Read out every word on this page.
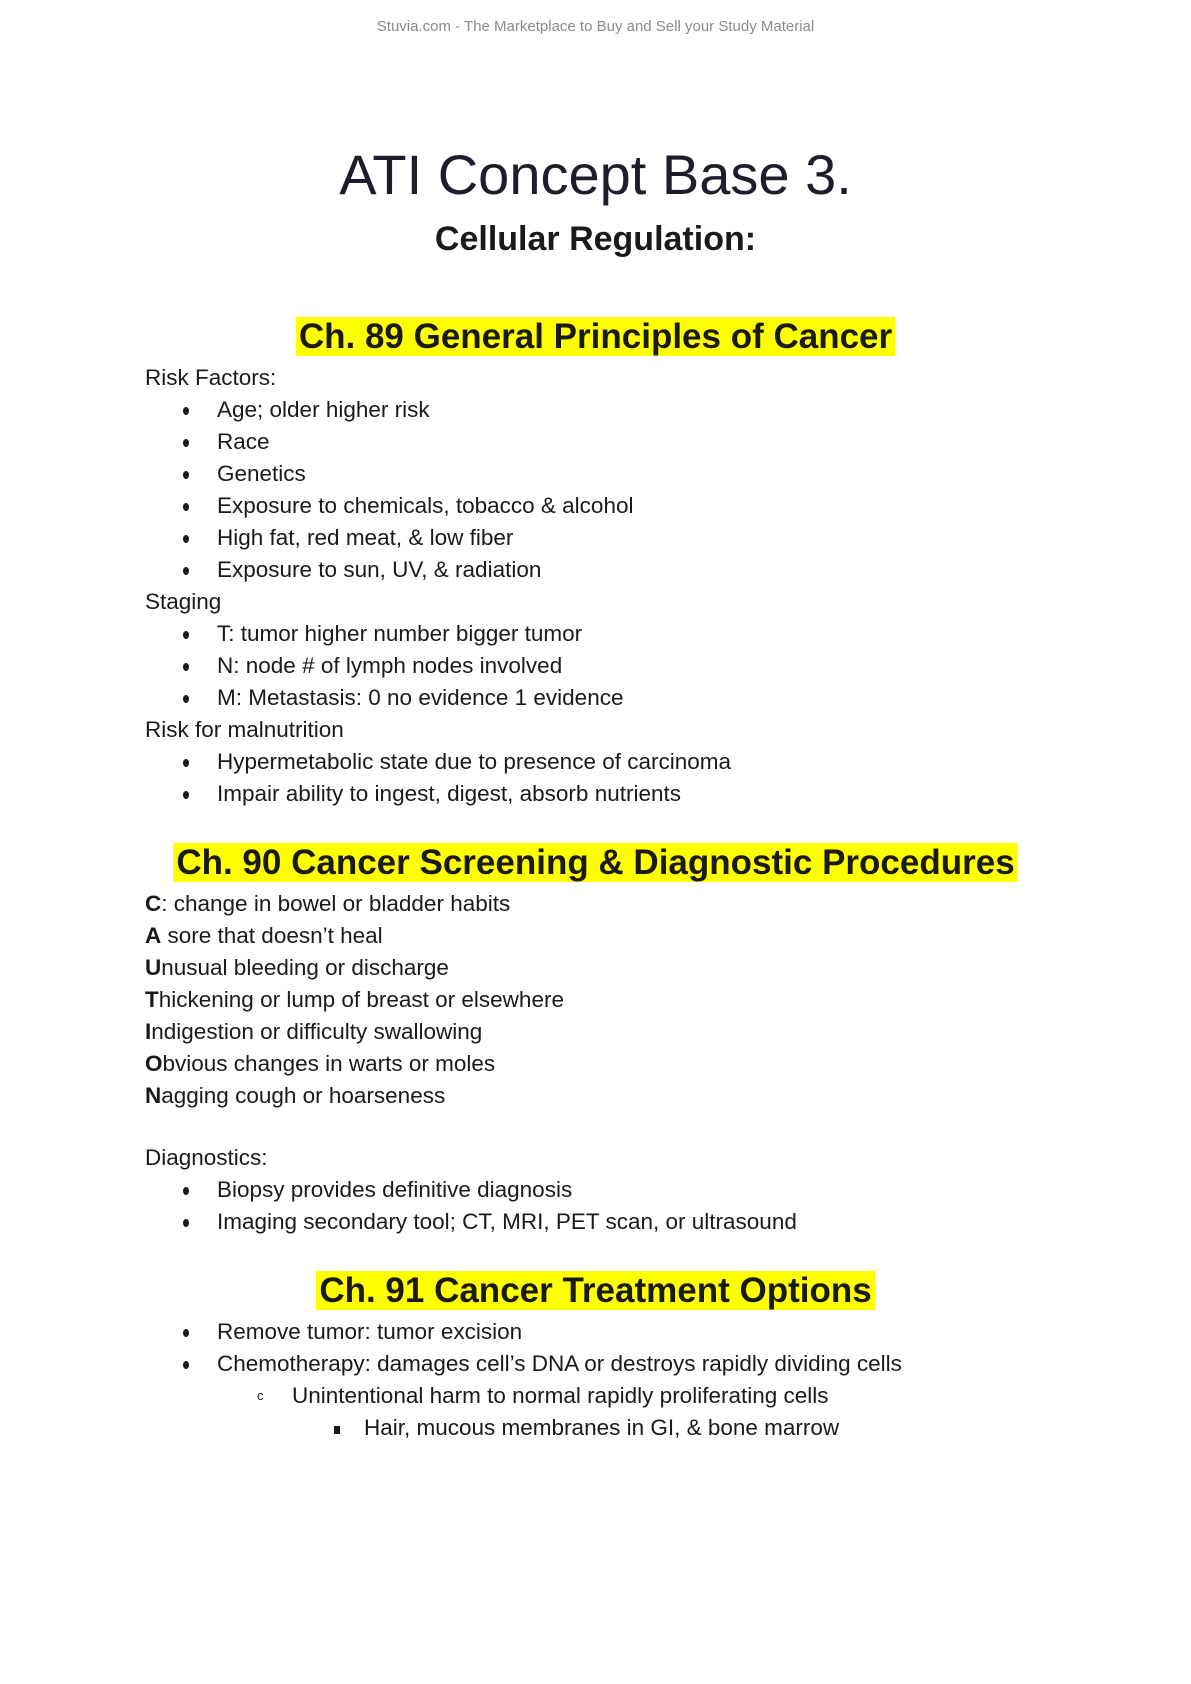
Stuvia.com - The Marketplace to Buy and Sell your Study Material
ATI Concept Base 3.
Cellular Regulation:
Ch. 89 General Principles of Cancer
Risk Factors:
Age; older higher risk
Race
Genetics
Exposure to chemicals, tobacco & alcohol
High fat, red meat, & low fiber
Exposure to sun, UV, & radiation
Staging
T: tumor higher number bigger tumor
N: node # of lymph nodes involved
M: Metastasis: 0 no evidence 1 evidence
Risk for malnutrition
Hypermetabolic state due to presence of carcinoma
Impair ability to ingest, digest, absorb nutrients
Ch. 90 Cancer Screening & Diagnostic Procedures
C: change in bowel or bladder habits
A sore that doesn’t heal
Unusual bleeding or discharge
Thickening or lump of breast or elsewhere
Indigestion or difficulty swallowing
Obvious changes in warts or moles
Nagging cough or hoarseness
Diagnostics:
Biopsy provides definitive diagnosis
Imaging secondary tool; CT, MRI, PET scan, or ultrasound
Ch. 91 Cancer Treatment Options
Remove tumor: tumor excision
Chemotherapy: damages cell’s DNA or destroys rapidly dividing cells
c Unintentional harm to normal rapidly proliferating cells
Hair, mucous membranes in GI, & bone marrow
